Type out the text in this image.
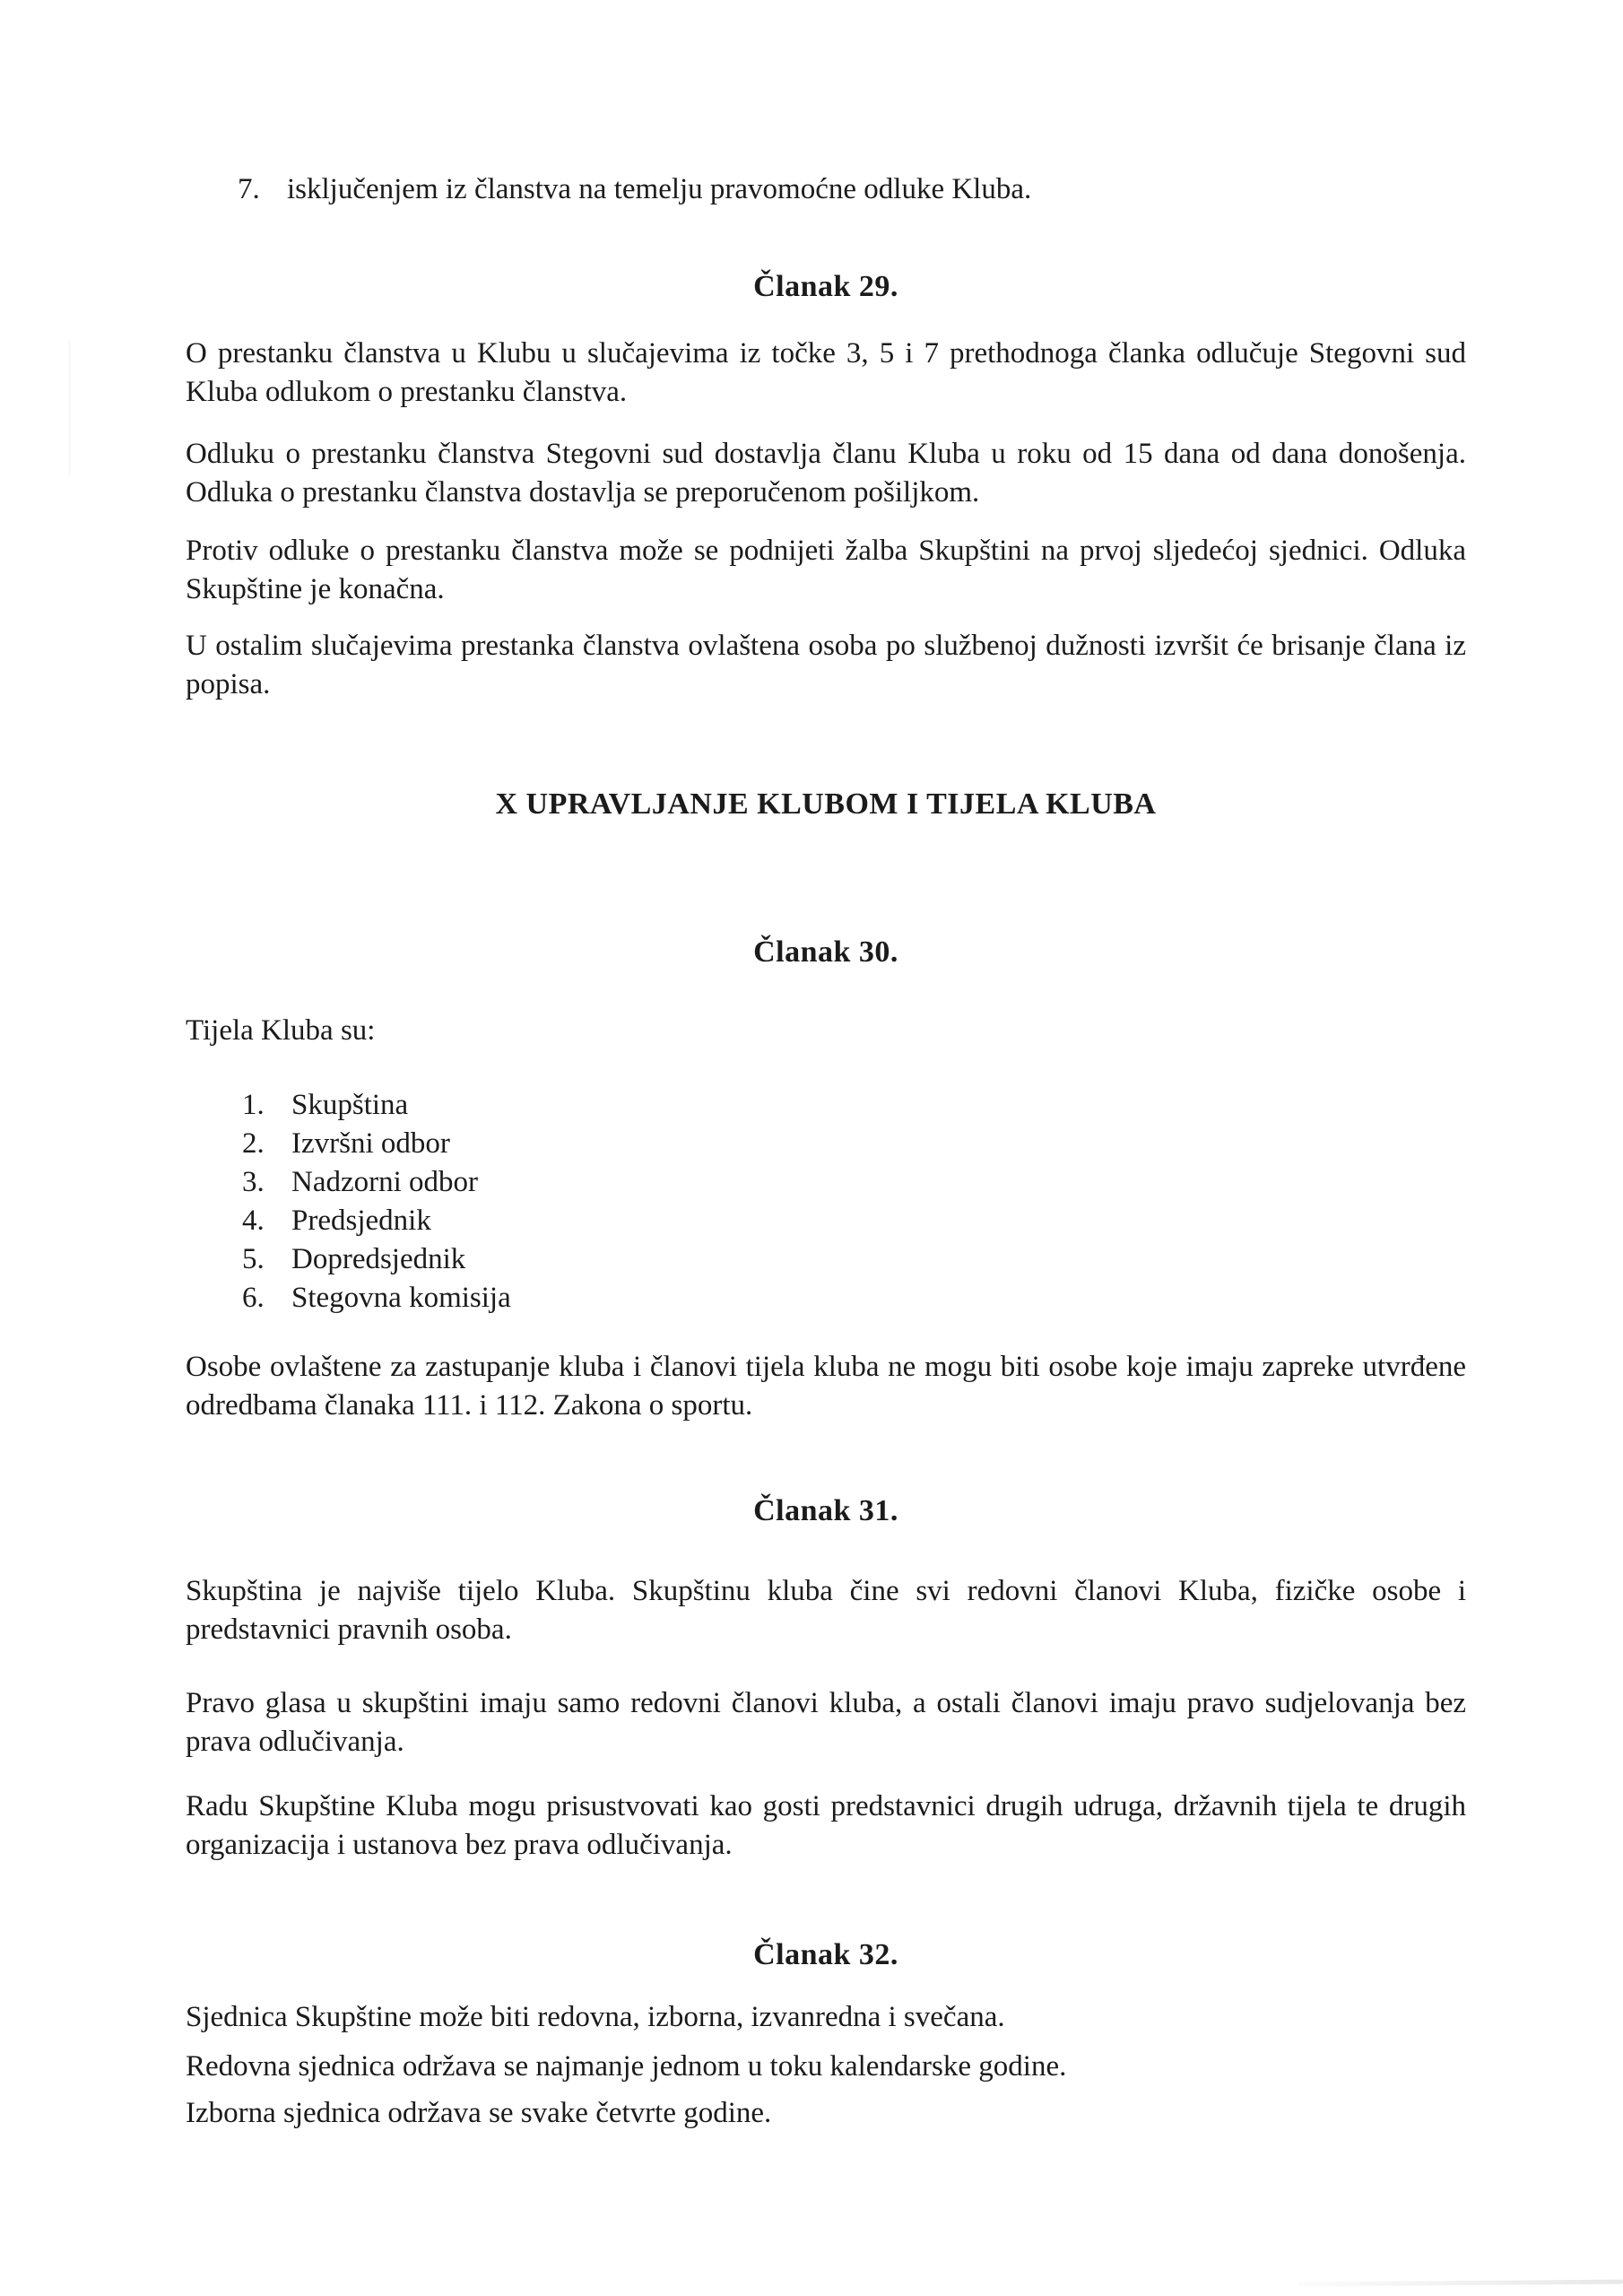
7. isključenjem iz članstva na temelju pravomoćne odluke Kluba.
Članak 29.

O prestanku članstva u Klubu u slučajevima iz točke 3, 5 i 7 prethodnoga članka odlučuje Stegovni sud Kluba odlukom o prestanku članstva.

Odluku o prestanku članstva Stegovni sud dostavlja članu Kluba u roku od 15 dana od dana donošenja. Odluka o prestanku članstva dostavlja se preporučenom pošiljkom.

Protiv odluke o prestanku članstva može se podnijeti žalba Skupštini na prvoj sljedećoj sjednici. Odluka Skupštine je konačna.

U ostalim slučajevima prestanka članstva ovlaštena osoba po službenoj dužnosti izvršit će brisanje člana iz popisa.

X UPRAVLJANJE KLUBOM I TIJELA KLUBA
Članak 30.

Tijela Kluba su:

1. Skupština
2. Izvršni odbor
3. Nadzorni odbor
4. Predsjednik
5. Dopredsjednik
6. Stegovna komisija

Osobe ovlaštene za zastupanje kluba i članovi tijela kluba ne mogu biti osobe koje imaju zapreke utvrđene odredbama članaka 111. i 112. Zakona o sportu.

Članak 31.

Skupština je najviše tijelo Kluba. Skupštinu kluba čine svi redovni članovi Kluba, fizičke osobe i predstavnici pravnih osoba.

Pravo glasa u skupštini imaju samo redovni članovi kluba, a ostali članovi imaju pravo sudjelovanja bez prava odlučivanja.

Radu Skupštine Kluba mogu prisustvovati kao gosti predstavnici drugih udruga, državnih tijela te drugih organizacija i ustanova bez prava odlučivanja.

Članak 32.

Sjednica Skupštine može biti redovna, izborna, izvanredna i svečana.

Redovna sjednica održava se najmanje jednom u toku kalendarske godine.

Izborna sjednica održava se svake četvrte godine.
